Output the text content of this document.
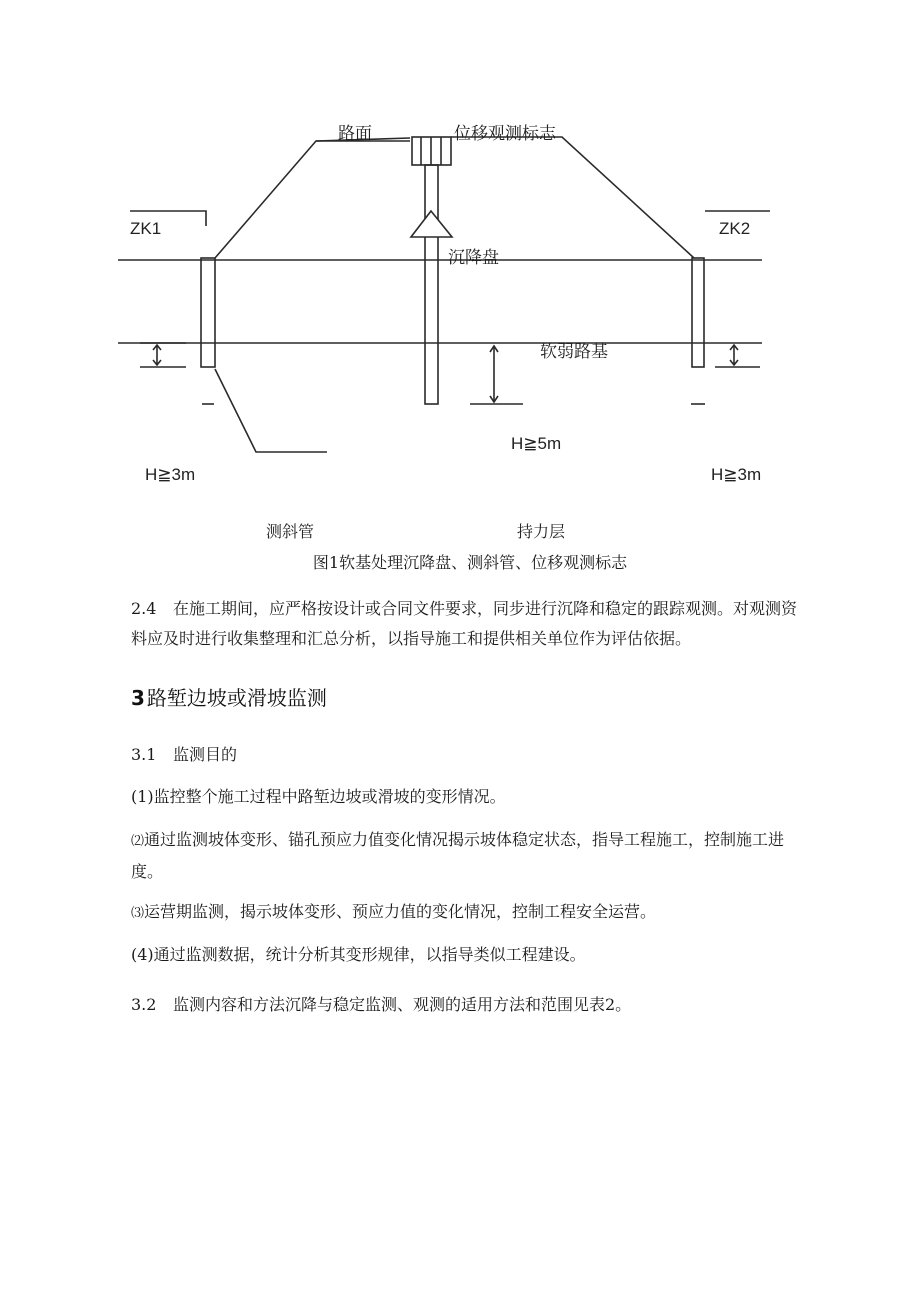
路面	位移观测标志
ZK1	ZK2
沉降盘
软弱路基
H≧5m
H≧3m	H≧3m
测斜管	持力层
图1软基处理沉降盘、测斜管、位移观测标志
2.4 在施工期间，应严格按设计或合同文件要求，同步进行沉降和稳定的跟踪观测。对观测资料应及时进行收集整理和汇总分析，以指导施工和提供相关单位作为评估依据。
3 路堑边坡或滑坡监测
3.1 监测目的
(1)监控整个施工过程中路堑边坡或滑坡的变形情况。
⑵通过监测坡体变形、锚孔预应力值变化情况揭示坡体稳定状态，指导工程施工，控制施工进度。
⑶运营期监测，揭示坡体变形、预应力值的变化情况，控制工程安全运营。
(4)通过监测数据，统计分析其变形规律，以指导类似工程建设。
3.2 监测内容和方法沉降与稳定监测、观测的适用方法和范围见表2。
